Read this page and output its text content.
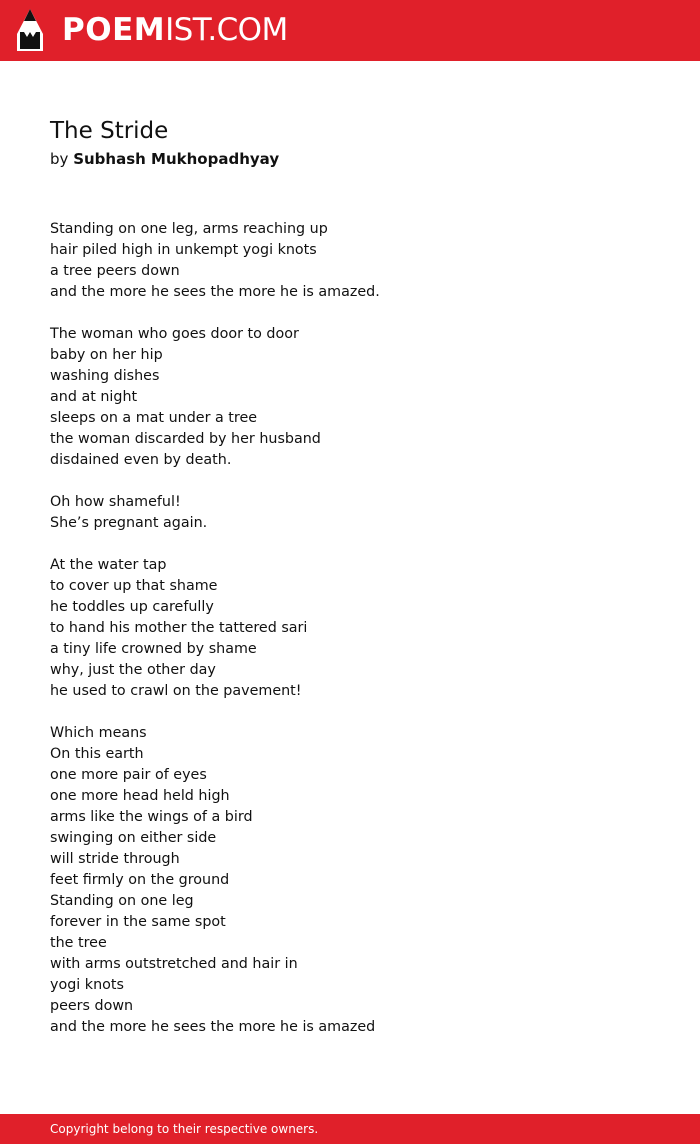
POEMIST.COM
The Stride
by Subhash Mukhopadhyay
Standing on one leg, arms reaching up
hair piled high in unkempt yogi knots
a tree peers down
and the more he sees the more he is amazed.
The woman who goes door to door
baby on her hip
washing dishes
and at night
sleeps on a mat under a tree
the woman discarded by her husband
disdained even by death.
Oh how shameful!
She’s pregnant again.
At the water tap
to cover up that shame
he toddles up carefully
to hand his mother the tattered sari
a tiny life crowned by shame
why, just the other day
he used to crawl on the pavement!
Which means
On this earth
one more pair of eyes
one more head held high
arms like the wings of a bird
swinging on either side
will stride through
feet firmly on the ground
Standing on one leg
forever in the same spot
the tree
with arms outstretched and hair in
yogi knots
peers down
and the more he sees the more he is amazed
Copyright belong to their respective owners.
